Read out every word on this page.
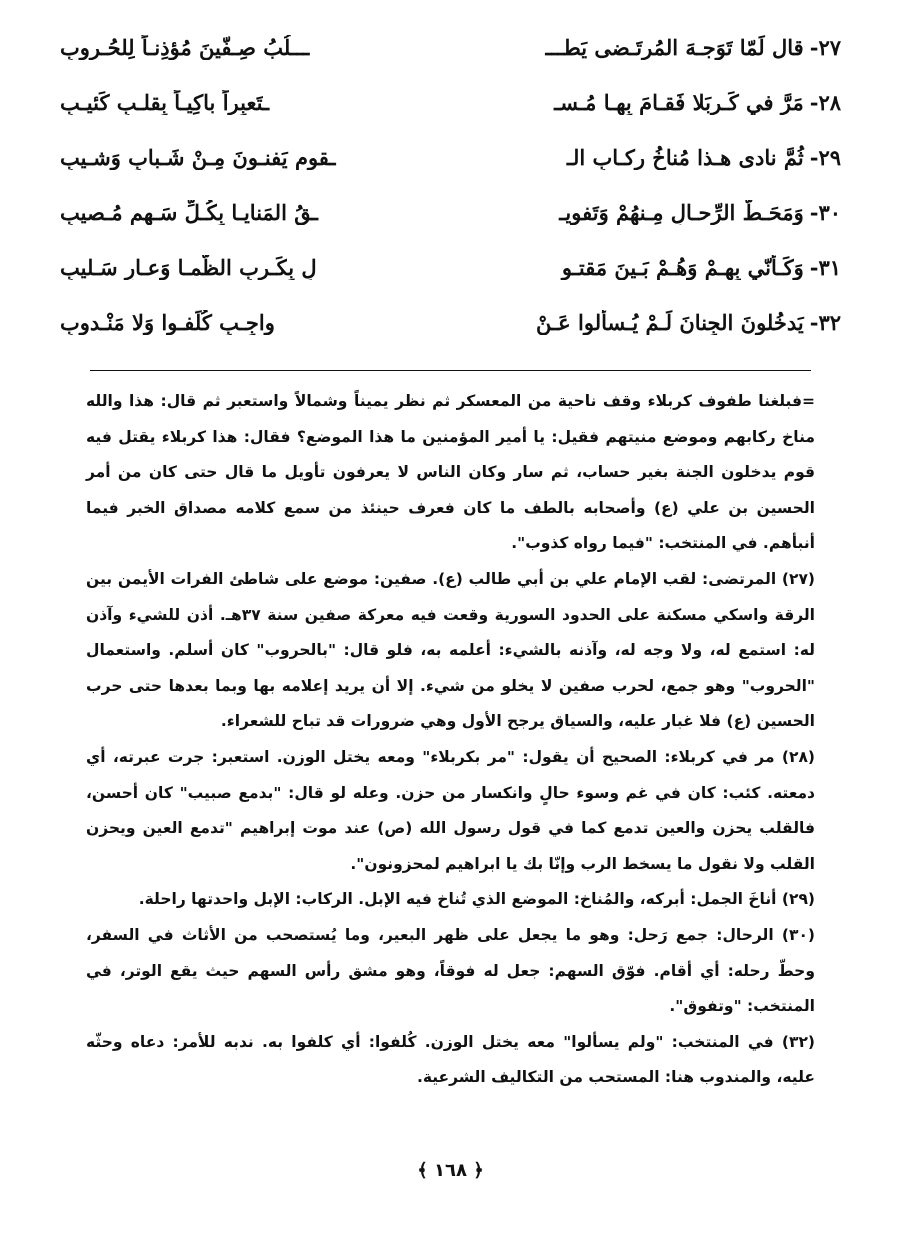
٢٧-قال لَمّا تَوَجـهَ المُرتَـضى يَطـــ
ـــلُبُ صِـفّينَ مُؤذِنـاً لِلحُـروبِ
٢٨-مَرَّ في كَـربَلا فَقـامَ بِهـا مُـسـ
ـتَعبِراً باكِيـاً بِقلـبِ كَئيـبِ
٢٩-ثُمَّ نادى هـذا مُناخُ رِكـابِ الـ
ـقومِ يَفنـونَ مِـنْ شَـبابٍ وَشـيبِ
٣٠-وَمَحَـطُّ الرِّحـالِ مِـنهُمْ وَتَفويـ
ـقُ المَنايـا بِكُـلِّ سَـهمٍ مُـصيبِ
٣١-وَكَـأنّي بِهـمْ وَهُـمْ بَـينَ مَقتـو
لٍ بِكَـربِ الظَّمـا وَعـارٍ سَـليبِ
٣٢-يَدخُلونَ الجِنانَ لَـمْ يُـسألوا عَـنْ
واجِـبٍ كُلِّفـوا وَلا مَنْـدوبِ

=فبلغنا طفوف كربلاء وقف ناحية من المعسكر ثم نظر يميناً وشمالاً واستعبر ثم قال: هذا والله مناخ ركابهم وموضع منيتهم فقيل: يا أمير المؤمنين ما هذا الموضع؟ فقال: هذا كربلاء يقتل فيه قوم يدخلون الجنة بغير حساب، ثم سار وكان الناس لا يعرفون تأويل ما قال حتى كان من أمر الحسين بن علي (ع) وأصحابه بالطف ما كان فعرف حينئذ من سمع كلامه مصداق الخبر فيما أنبأهم. في المنتخب: "فيما رواه كذوب".

(٢٧) المرتضى: لقب الإمام علي بن أبي طالب (ع). صفين: موضع على شاطئ الفرات الأيمن بين الرقة واسكي مسكنة على الحدود السورية وقعت فيه معركة صفين سنة ٣٧هـ. أذن للشيء وآذن له: استمع له، ولا وجه له، وآذنه بالشيء: أعلمه به، فلو قال: "بالحروب" كان أسلم. واستعمال "الحروب" وهو جمع، لحرب صفين لا يخلو من شيء. إلا أن يريد إعلامه بها وبما بعدها حتى حرب الحسين (ع) فلا غبار عليه، والسياق يرجح الأول وهي ضرورات قد تباح للشعراء.

(٢٨) مر في كربلاء: الصحيح أن يقول: "مر بكربلاء" ومعه يختل الوزن. استعبر: جرت عبرته، أي دمعته. كئب: كان في غم وسوء حالٍ وانكسار من حزن. وعله لو قال: "بدمع صبيب" كان أحسن، فالقلب يحزن والعين تدمع كما في قول رسول الله (ص) عند موت إبراهيم "تدمع العين ويحزن القلب ولا نقول ما يسخط الرب وإنّا بك يا ابراهيم لمحزونون".

(٢٩) أناخَ الجمل: أبركه، والمُناخ: الموضع الذي تُناخ فيه الإبل. الركاب: الإبل واحدتها راحلة.

(٣٠) الرحال: جمع رَحل: وهو ما يجعل على ظهر البعير، وما يُستصحب من الأثاث في السفر، وحطّ رحله: أي أقام. فوّق السهم: جعل له فوقاً، وهو مشق رأس السهم حيث يقع الوتر، في المنتخب: "وتفوق".

(٣٢) في المنتخب: "ولم يسألوا" معه يختل الوزن. كُلفوا: أي كلفوا به. ندبه للأمر: دعاه وحثّه عليه، والمندوب هنا: المستحب من التكاليف الشرعية.

﴿ ١٦٨ ﴾
